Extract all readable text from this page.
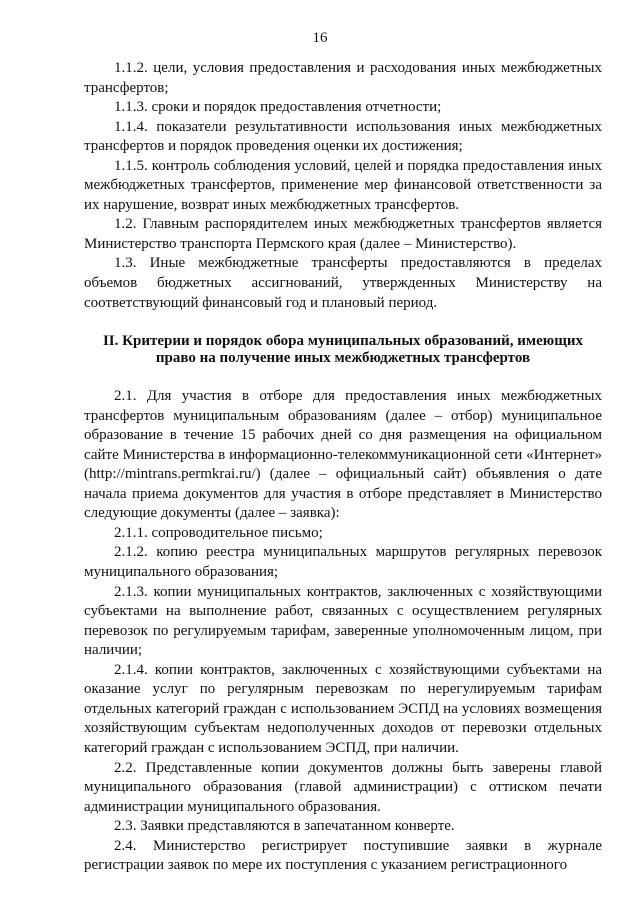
16

1.1.2. цели, условия предоставления и расходования иных межбюджетных трансфертов;

1.1.3. сроки и порядок предоставления отчетности;

1.1.4. показатели результативности использования иных межбюджетных трансфертов и порядок проведения оценки их достижения;

1.1.5. контроль соблюдения условий, целей и порядка предоставления иных межбюджетных трансфертов, применение мер финансовой ответственности за их нарушение, возврат иных межбюджетных трансфертов.

1.2. Главным распорядителем иных межбюджетных трансфертов является Министерство транспорта Пермского края (далее – Министерство).

1.3. Иные межбюджетные трансферты предоставляются в пределах объемов бюджетных ассигнований, утвержденных Министерству на соответствующий финансовый год и плановый период.

II. Критерии и порядок обора муниципальных образований, имеющих
право на получение иных межбюджетных трансфертов

2.1. Для участия в отборе для предоставления иных межбюджетных трансфертов муниципальным образованиям (далее – отбор) муниципальное образование в течение 15 рабочих дней со дня размещения на официальном сайте Министерства в информационно-телекоммуникационной сети «Интернет» (http://mintrans.permkrai.ru/) (далее – официальный сайт) объявления о дате начала приема документов для участия в отборе представляет в Министерство следующие документы (далее – заявка):

2.1.1. сопроводительное письмо;

2.1.2. копию реестра муниципальных маршрутов регулярных перевозок муниципального образования;

2.1.3. копии муниципальных контрактов, заключенных с хозяйствующими субъектами на выполнение работ, связанных с осуществлением регулярных перевозок по регулируемым тарифам, заверенные уполномоченным лицом, при наличии;

2.1.4. копии контрактов, заключенных с хозяйствующими субъектами на оказание услуг по регулярным перевозкам по нерегулируемым тарифам отдельных категорий граждан с использованием ЭСПД на условиях возмещения хозяйствующим субъектам недополученных доходов от перевозки отдельных категорий граждан с использованием ЭСПД, при наличии.

2.2. Представленные копии документов должны быть заверены главой муниципального образования (главой администрации) с оттиском печати администрации муниципального образования.

2.3. Заявки представляются в запечатанном конверте.

2.4. Министерство регистрирует поступившие заявки в журнале регистрации заявок по мере их поступления с указанием регистрационного
